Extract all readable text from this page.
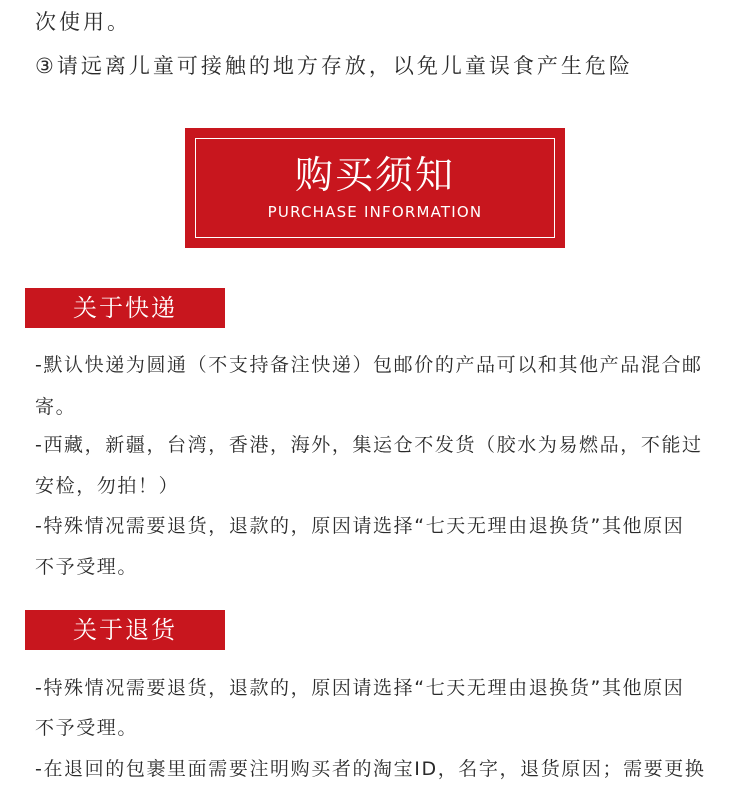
次使用。
③请远离儿童可接触的地方存放，以免儿童误食产生危险
购买须知
PURCHASE INFORMATION
关于快递
-默认快递为圆通（不支持备注快递）包邮价的产品可以和其他产品混合邮
寄。
-西藏，新疆，台湾，香港，海外，集运仓不发货（胶水为易燃品，不能过
安检，勿拍！）
-特殊情况需要退货，退款的，原因请选择“七天无理由退换货”其他原因
不予受理。
关于退货
-特殊情况需要退货，退款的，原因请选择“七天无理由退换货”其他原因
不予受理。
-在退回的包裹里面需要注明购买者的淘宝ID，名字，退货原因；需要更换
